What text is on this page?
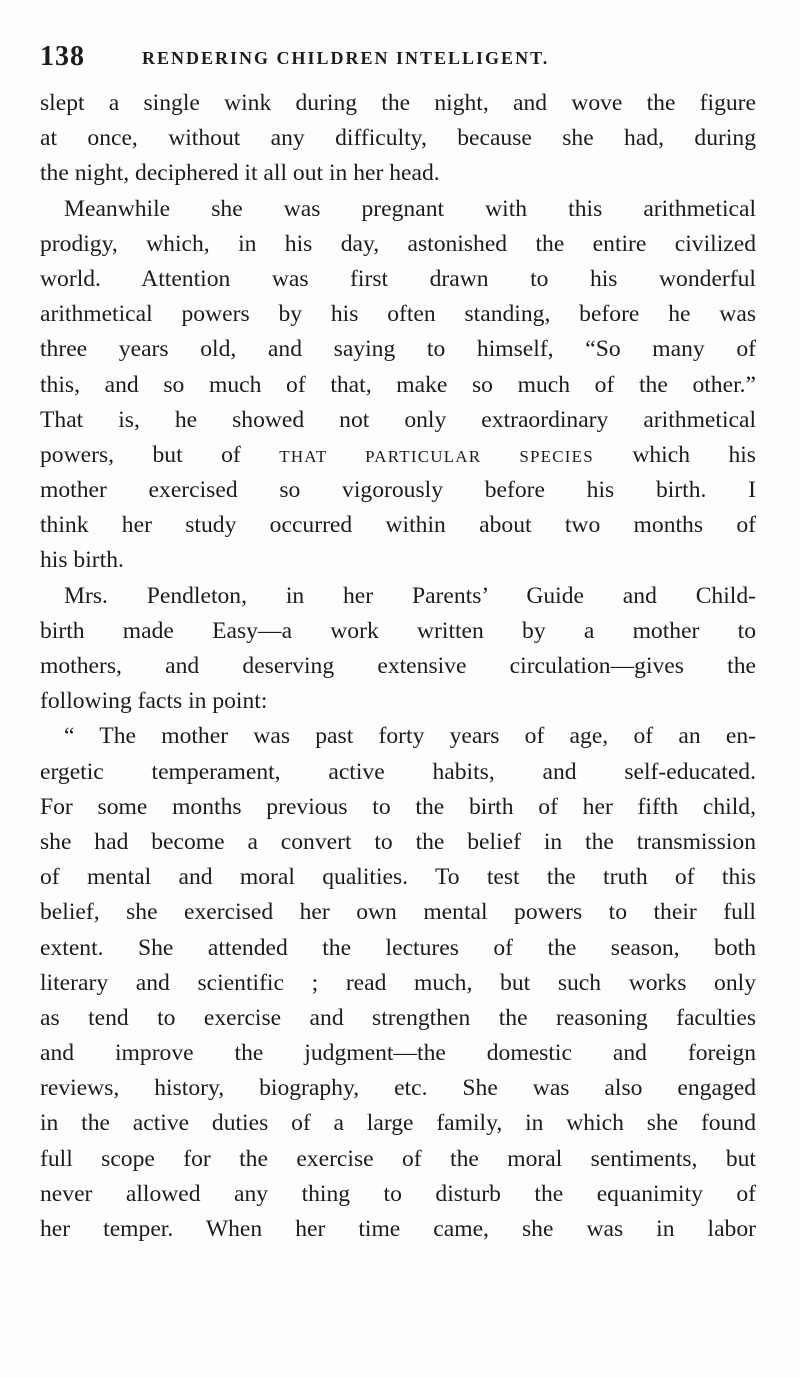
138	RENDERING CHILDREN INTELLIGENT.
slept a single wink during the night, and wove the figure
at once, without any difficulty, because she had, during
the night, deciphered it all out in her head.
Meanwhile she was pregnant with this arithmetical
prodigy, which, in his day, astonished the entire civilized
world. Attention was first drawn to his wonderful
arithmetical powers by his often standing, before he was
three years old, and saying to himself, “So many of
this, and so much of that, make so much of the other.”
That is, he showed not only extraordinary arithmetical
powers, but of THAT PARTICULAR SPECIES which his
mother exercised so vigorously before his birth. I
think her study occurred within about two months of
his birth.
Mrs. Pendleton, in her Parents’ Guide and Child-
birth made Easy—a work written by a mother to
mothers, and deserving extensive circulation—gives the
following facts in point:
“ The mother was past forty years of age, of an en-
ergetic temperament, active habits, and self-educated.
For some months previous to the birth of her fifth child,
she had become a convert to the belief in the transmission
of mental and moral qualities. To test the truth of this
belief, she exercised her own mental powers to their full
extent. She attended the lectures of the season, both
literary and scientific ; read much, but such works only
as tend to exercise and strengthen the reasoning faculties
and improve the judgment—the domestic and foreign
reviews, history, biography, etc. She was also engaged
in the active duties of a large family, in which she found
full scope for the exercise of the moral sentiments, but
never allowed any thing to disturb the equanimity of
her temper. When her time came, she was in labor
